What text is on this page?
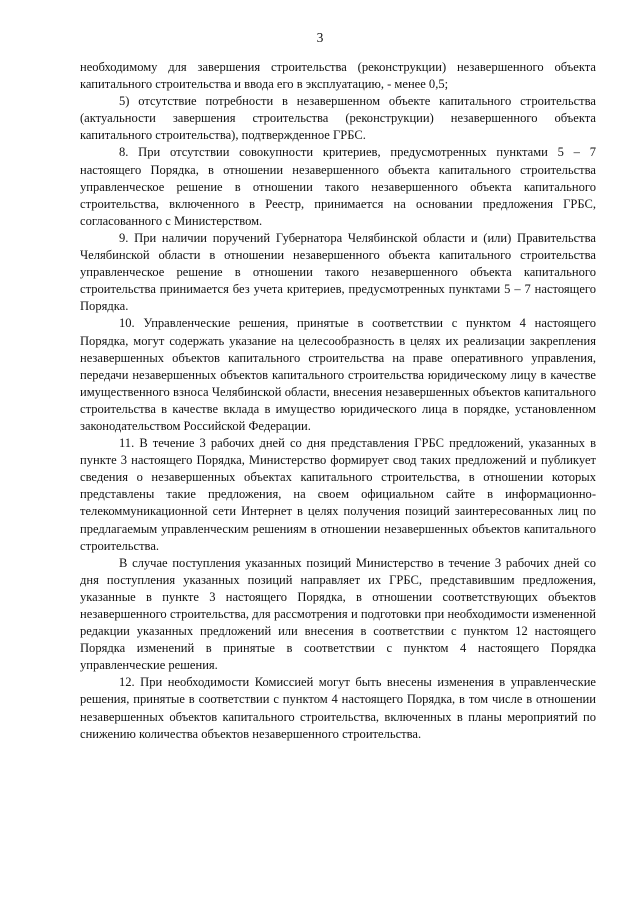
3

необходимому для завершения строительства (реконструкции) незавершенного объекта капитального строительства и ввода его в эксплуатацию, - менее 0,5;

5) отсутствие потребности в незавершенном объекте капитального строительства (актуальности завершения строительства (реконструкции) незавершенного объекта капитального строительства), подтвержденное ГРБС.

8. При отсутствии совокупности критериев, предусмотренных пунктами 5 – 7 настоящего Порядка, в отношении незавершенного объекта капитального строительства управленческое решение в отношении такого незавершенного объекта капитального строительства, включенного в Реестр, принимается на основании предложения ГРБС, согласованного с Министерством.

9. При наличии поручений Губернатора Челябинской области и (или) Правительства Челябинской области в отношении незавершенного объекта капитального строительства управленческое решение в отношении такого незавершенного объекта капитального строительства принимается без учета критериев, предусмотренных пунктами 5 – 7 настоящего Порядка.

10. Управленческие решения, принятые в соответствии с пунктом 4 настоящего Порядка, могут содержать указание на целесообразность в целях их реализации закрепления незавершенных объектов капитального строительства на праве оперативного управления, передачи незавершенных объектов капитального строительства юридическому лицу в качестве имущественного взноса Челябинской области, внесения незавершенных объектов капитального строительства в качестве вклада в имущество юридического лица в порядке, установленном законодательством Российской Федерации.

11. В течение 3 рабочих дней со дня представления ГРБС предложений, указанных в пункте 3 настоящего Порядка, Министерство формирует свод таких предложений и публикует сведения о незавершенных объектах капитального строительства, в отношении которых представлены такие предложения, на своем официальном сайте в информационно-телекоммуникационной сети Интернет в целях получения позиций заинтересованных лиц по предлагаемым управленческим решениям в отношении незавершенных объектов капитального строительства.

В случае поступления указанных позиций Министерство в течение 3 рабочих дней со дня поступления указанных позиций направляет их ГРБС, представившим предложения, указанные в пункте 3 настоящего Порядка, в отношении соответствующих объектов незавершенного строительства, для рассмотрения и подготовки при необходимости измененной редакции указанных предложений или внесения в соответствии с пунктом 12 настоящего Порядка изменений в принятые в соответствии с пунктом 4 настоящего Порядка управленческие решения.

12. При необходимости Комиссией могут быть внесены изменения в управленческие решения, принятые в соответствии с пунктом 4 настоящего Порядка, в том числе в отношении незавершенных объектов капитального строительства, включенных в планы мероприятий по снижению количества объектов незавершенного строительства.
